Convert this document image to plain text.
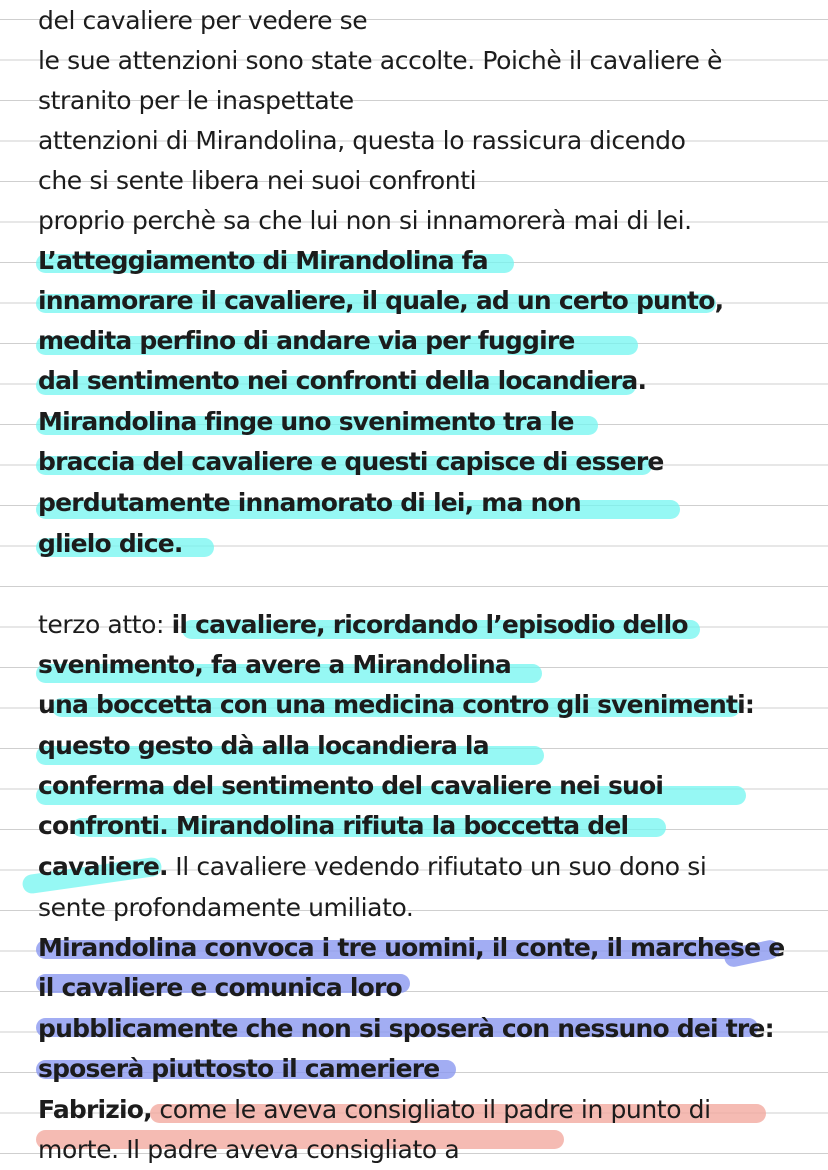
del cavaliere per vedere se
le sue attenzioni sono state accolte. Poichè il cavaliere è
stranito per le inaspettate
attenzioni di Mirandolina, questa lo rassicura dicendo
che si sente libera nei suoi confronti
proprio perchè sa che lui non si innamorerà mai di lei.
L’atteggiamento di Mirandolina fa
innamorare il cavaliere, il quale, ad un certo punto,
medita perfino di andare via per fuggire
dal sentimento nei confronti della locandiera.
Mirandolina finge uno svenimento tra le
braccia del cavaliere e questi capisce di essere
perdutamente innamorato di lei, ma non
glielo dice.
terzo atto: il cavaliere, ricordando l’episodio dello
svenimento, fa avere a Mirandolina
una boccetta con una medicina contro gli svenimenti:
questo gesto dà alla locandiera la
conferma del sentimento del cavaliere nei suoi
confronti. Mirandolina rifiuta la boccetta del
cavaliere. Il cavaliere vedendo rifiutato un suo dono si
sente profondamente umiliato.
Mirandolina convoca i tre uomini, il conte, il marchese e
il cavaliere e comunica loro
pubblicamente che non si sposerà con nessuno dei tre:
sposerà piuttosto il cameriere
Fabrizio, come le aveva consigliato il padre in punto di
morte. Il padre aveva consigliato a
